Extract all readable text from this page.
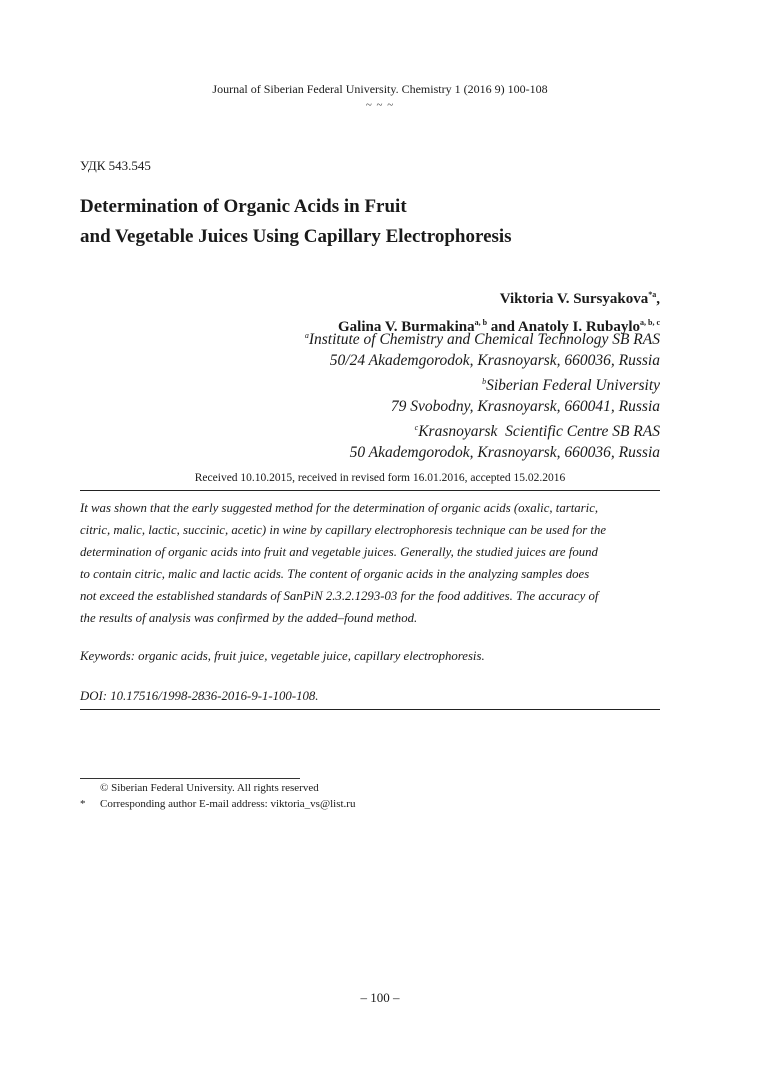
Journal of Siberian Federal University. Chemistry 1 (2016 9) 100-108
~ ~ ~
УДК 543.545
Determination of Organic Acids in Fruit
and Vegetable Juices Using Capillary Electrophoresis
Viktoria V. Sursyakova$^{*a}$,
Galina V. Burmakina$^{a, b}$ and Anatoly I. Rubaylo$^{a, b, c}$
$^a$Institute of Chemistry and Chemical Technology SB RAS
50/24 Akademgorodok, Krasnoyarsk, 660036, Russia
$^b$Siberian Federal University
79 Svobodny, Krasnoyarsk, 660041, Russia
$^c$Krasnoyarsk  Scientific Centre SB RAS
50 Akademgorodok, Krasnoyarsk, 660036, Russia
Received 10.10.2015, received in revised form 16.01.2016, accepted 15.02.2016
It was shown that the early suggested method for the determination of organic acids (oxalic, tartaric,
citric, malic, lactic, succinic, acetic) in wine by capillary electrophoresis technique can be used for the
determination of organic acids into fruit and vegetable juices. Generally, the studied juices are found
to contain citric, malic and lactic acids. The content of organic acids in the analyzing samples does
not exceed the established standards of SanPiN 2.3.2.1293-03 for the food additives. The accuracy of
the results of analysis was confirmed by the added–found method.
Keywords: organic acids, fruit juice, vegetable juice, capillary electrophoresis.
DOI: 10.17516/1998-2836-2016-9-1-100-108.
© Siberian Federal University. All rights reserved
* Corresponding author E-mail address: viktoria_vs@list.ru
– 100 –
